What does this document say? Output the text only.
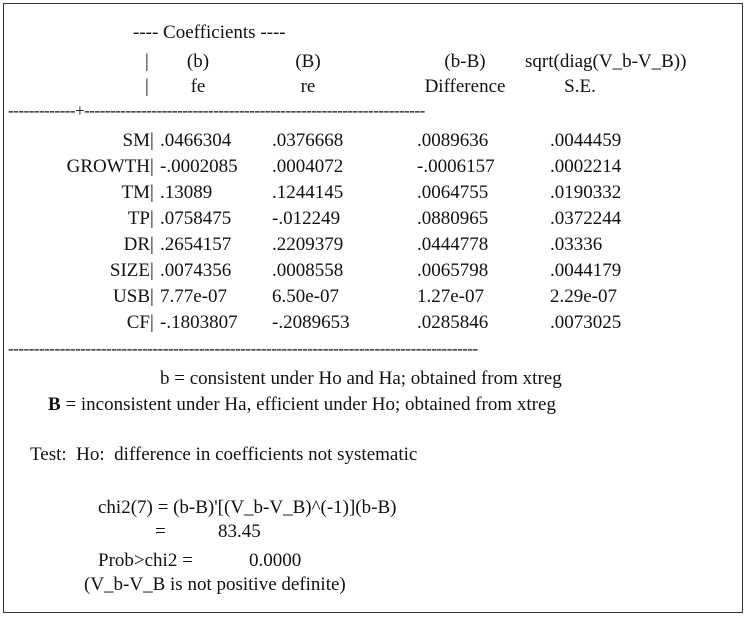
---- Coefficients ----
|	(b)	(B)	(b-B)	sqrt(diag(V_b-V_B))
|	fe	re	Difference	S.E.
-------------+------------------------------------------------------------------
SM | .0466304 .0376668	.0089636	.0044459
GROWTH | -.0002085 .0004072	-.0006157	.0002214
TM | .13089	.1244145	.0064755	.0190332
TP | .0758475 -.012249	.0880965	.0372244
DR | .2654157 .2209379	.0444778	.03336
SIZE | .0074356 .0008558	.0065798	.0044179
USB | 7.77e-07 6.50e-07	1.27e-07	2.29e-07
CF | -.1803807 -.2089653	.0285846	.0073025
-------------------------------------------------------------------------------------------
b = consistent under Ho and Ha; obtained from xtreg
B = inconsistent under Ha, efficient under Ho; obtained from xtreg
Test:  Ho:  difference in coefficients not systematic
chi2(7) = (b-B)'[(V_b-V_B)^(-1)](b-B)
=	83.45
Prob>chi2 =	0.0000
(V_b-V_B is not positive definite)
